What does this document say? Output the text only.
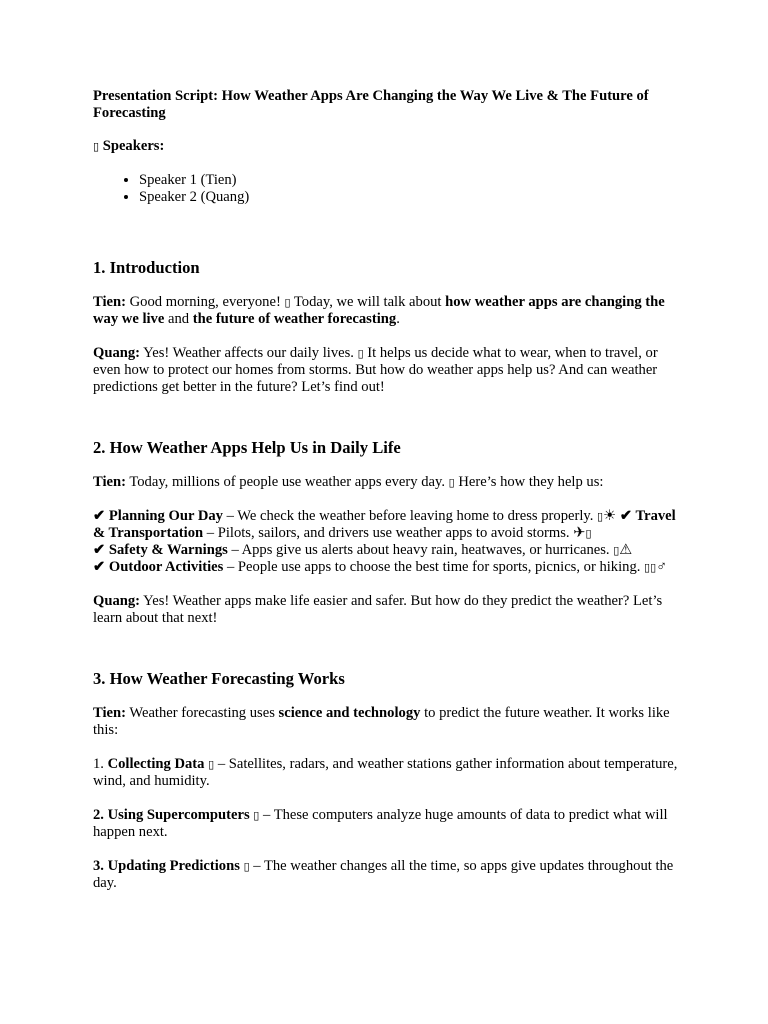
Presentation Script: How Weather Apps Are Changing the Way We Live & The Future of Forecasting

▯ Speakers:

• Speaker 1 (Tien)
• Speaker 2 (Quang)
1. Introduction

Tien: Good morning, everyone! ▯ Today, we will talk about how weather apps are changing the way we live and the future of weather forecasting.

Quang: Yes! Weather affects our daily lives. ▯ It helps us decide what to wear, when to travel, or even how to protect our homes from storms. But how do weather apps help us? And can weather predictions get better in the future? Let’s find out!

2. How Weather Apps Help Us in Daily Life

Tien: Today, millions of people use weather apps every day. ▯ Here’s how they help us:

✔ Planning Our Day – We check the weather before leaving home to dress properly. ▯☀ ✔ Travel & Transportation – Pilots, sailors, and drivers use weather apps to avoid storms. ✈▯
✔ Safety & Warnings – Apps give us alerts about heavy rain, heatwaves, or hurricanes. ▯⚠
✔ Outdoor Activities – People use apps to choose the best time for sports, picnics, or hiking. ▯▯♂

Quang: Yes! Weather apps make life easier and safer. But how do they predict the weather? Let’s learn about that next!

3. How Weather Forecasting Works

Tien: Weather forecasting uses science and technology to predict the future weather. It works like this:

1. Collecting Data ▯ – Satellites, radars, and weather stations gather information about temperature, wind, and humidity.

2. Using Supercomputers ▯ – These computers analyze huge amounts of data to predict what will happen next.

3. Updating Predictions ▯ – The weather changes all the time, so apps give updates throughout the day.
